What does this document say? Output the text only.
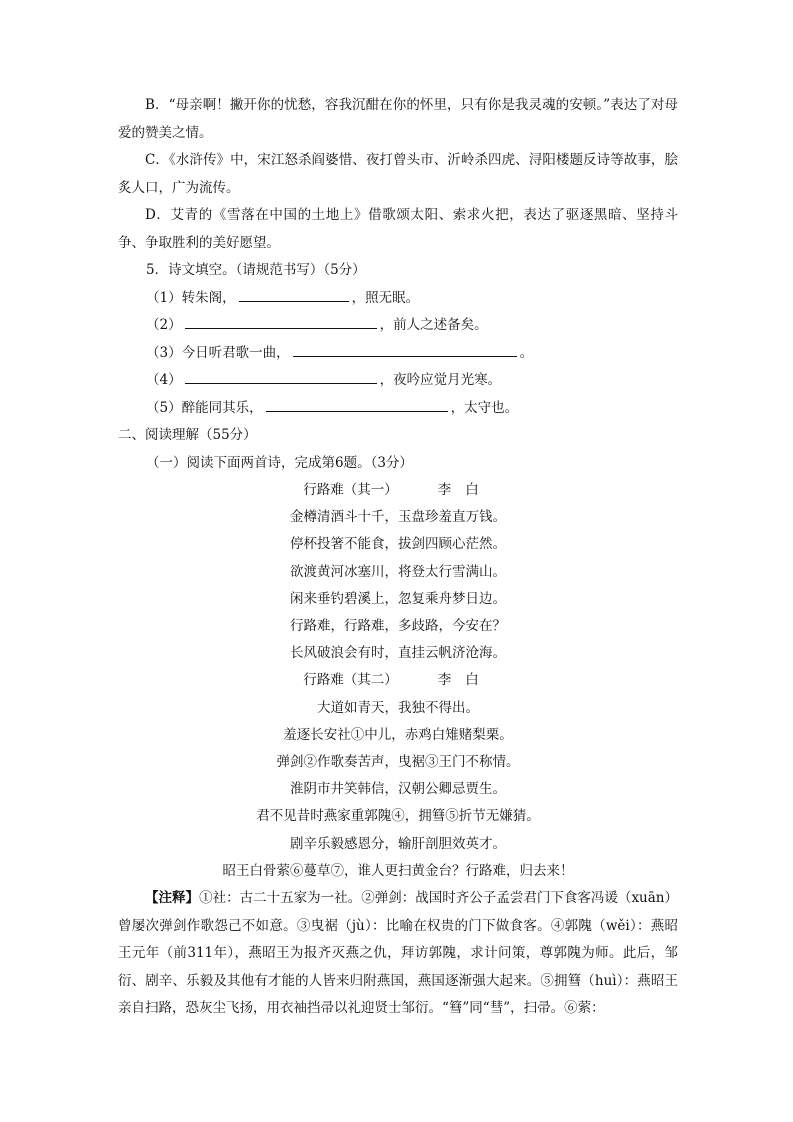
B．“母亲啊！撇开你的忧愁，容我沉酣在你的怀里，只有你是我灵魂的安顿。”表达了对母爱的赞美之情。

C．《水浒传》中，宋江怒杀阎婆惜、夜打曾头市、沂岭杀四虎、浔阳楼题反诗等故事，脍炙人口，广为流传。

D．艾青的《雪落在中国的土地上》借歌颂太阳、索求火把，表达了驱逐黑暗、坚持斗争、争取胜利的美好愿望。

5．诗文填空。（请规范书写）（5分）

（1）转朱阁，	，照无眠。

（2）	，前人之述备矣。

（3）今日听君歌一曲，	。

（4）	，夜吟应觉月光寒。

（5）醉能同其乐，	，太守也。

二、阅读理解（55分）

（一）阅读下面两首诗，完成第6题。（3分）

行路难（其一）	李白

金樽清酒斗十千，玉盘珍羞直万钱。

停杯投箸不能食，拔剑四顾心茫然。

欲渡黄河冰塞川，将登太行雪满山。

闲来垂钓碧溪上，忽复乘舟梦日边。

行路难，行路难，多歧路，今安在？

长风破浪会有时，直挂云帆济沧海。

行路难（其二）	李白

大道如青天，我独不得出。

羞逐长安社①中儿，赤鸡白雉赌梨栗。

弹剑②作歌奏苦声，曳裾③王门不称情。

淮阴市井笑韩信，汉朝公卿忌贾生。

君不见昔时燕家重郭隗④，拥篲⑤折节无嫌猜。

剧辛乐毅感恩分，输肝剖胆效英才。

昭王白骨萦⑥蔓草⑦，谁人更扫黄金台？行路难，归去来！

【注释】①社：古二十五家为一社。②弹剑：战国时齐公子孟尝君门下食客冯谖（xuān）曾屡次弹剑作歌怨己不如意。③曳裾（jù）：比喻在权贵的门下做食客。④郭隗（wěi）：燕昭王元年（前311年），燕昭王为报齐灭燕之仇，拜访郭隗，求计问策，尊郭隗为师。此后，邹衍、剧辛、乐毅及其他有才能的人皆来归附燕国，燕国逐渐强大起来。⑤拥篲（huì）：燕昭王亲自扫路，恐灰尘飞扬，用衣袖挡帚以礼迎贤士邹衍。“篲”同“彗”，扫帚。⑥萦：
